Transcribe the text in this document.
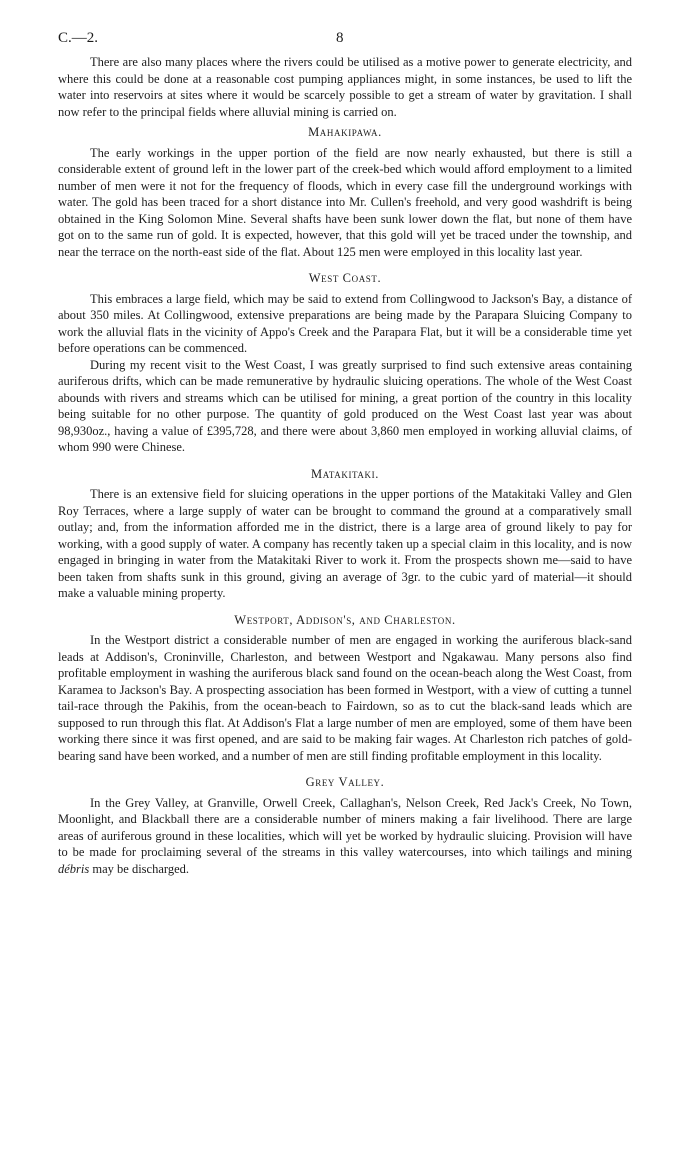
C.—2.	8

There are also many places where the rivers could be utilised as a motive power to generate electricity, and where this could be done at a reasonable cost pumping appliances might, in some instances, be used to lift the water into reservoirs at sites where it would be scarcely possible to get a stream of water by gravitation. I shall now refer to the principal fields where alluvial mining is carried on.

Mahakipawa.

The early workings in the upper portion of the field are now nearly exhausted, but there is still a considerable extent of ground left in the lower part of the creek-bed which would afford employment to a limited number of men were it not for the frequency of floods, which in every case fill the underground workings with water. The gold has been traced for a short distance into Mr. Cullen's freehold, and very good washdrift is being obtained in the King Solomon Mine. Several shafts have been sunk lower down the flat, but none of them have got on to the same run of gold. It is expected, however, that this gold will yet be traced under the township, and near the terrace on the north-east side of the flat. About 125 men were employed in this locality last year.

West Coast.

This embraces a large field, which may be said to extend from Collingwood to Jackson's Bay, a distance of about 350 miles. At Collingwood, extensive preparations are being made by the Parapara Sluicing Company to work the alluvial flats in the vicinity of Appo's Creek and the Parapara Flat, but it will be a considerable time yet before operations can be commenced.

During my recent visit to the West Coast, I was greatly surprised to find such extensive areas containing auriferous drifts, which can be made remunerative by hydraulic sluicing operations. The whole of the West Coast abounds with rivers and streams which can be utilised for mining, a great portion of the country in this locality being suitable for no other purpose. The quantity of gold produced on the West Coast last year was about 98,930oz., having a value of £395,728, and there were about 3,860 men employed in working alluvial claims, of whom 990 were Chinese.

Matakitaki.

There is an extensive field for sluicing operations in the upper portions of the Matakitaki Valley and Glen Roy Terraces, where a large supply of water can be brought to command the ground at a comparatively small outlay; and, from the information afforded me in the district, there is a large area of ground likely to pay for working, with a good supply of water. A company has recently taken up a special claim in this locality, and is now engaged in bringing in water from the Matakitaki River to work it. From the prospects shown me—said to have been taken from shafts sunk in this ground, giving an average of 3gr. to the cubic yard of material—it should make a valuable mining property.

Westport, Addison's, and Charleston.

In the Westport district a considerable number of men are engaged in working the auriferous black-sand leads at Addison's, Croninville, Charleston, and between Westport and Ngakawau. Many persons also find profitable employment in washing the auriferous black sand found on the ocean-beach along the West Coast, from Karamea to Jackson's Bay. A prospecting association has been formed in Westport, with a view of cutting a tunnel tail-race through the Pakihis, from the ocean-beach to Fairdown, so as to cut the black-sand leads which are supposed to run through this flat. At Addison's Flat a large number of men are employed, some of them have been working there since it was first opened, and are said to be making fair wages. At Charleston rich patches of gold-bearing sand have been worked, and a number of men are still finding profitable employment in this locality.

Grey Valley.

In the Grey Valley, at Granville, Orwell Creek, Callaghan's, Nelson Creek, Red Jack's Creek, No Town, Moonlight, and Blackball there are a considerable number of miners making a fair livelihood. There are large areas of auriferous ground in these localities, which will yet be worked by hydraulic sluicing. Provision will have to be made for proclaiming several of the streams in this valley watercourses, into which tailings and mining débris may be discharged.
